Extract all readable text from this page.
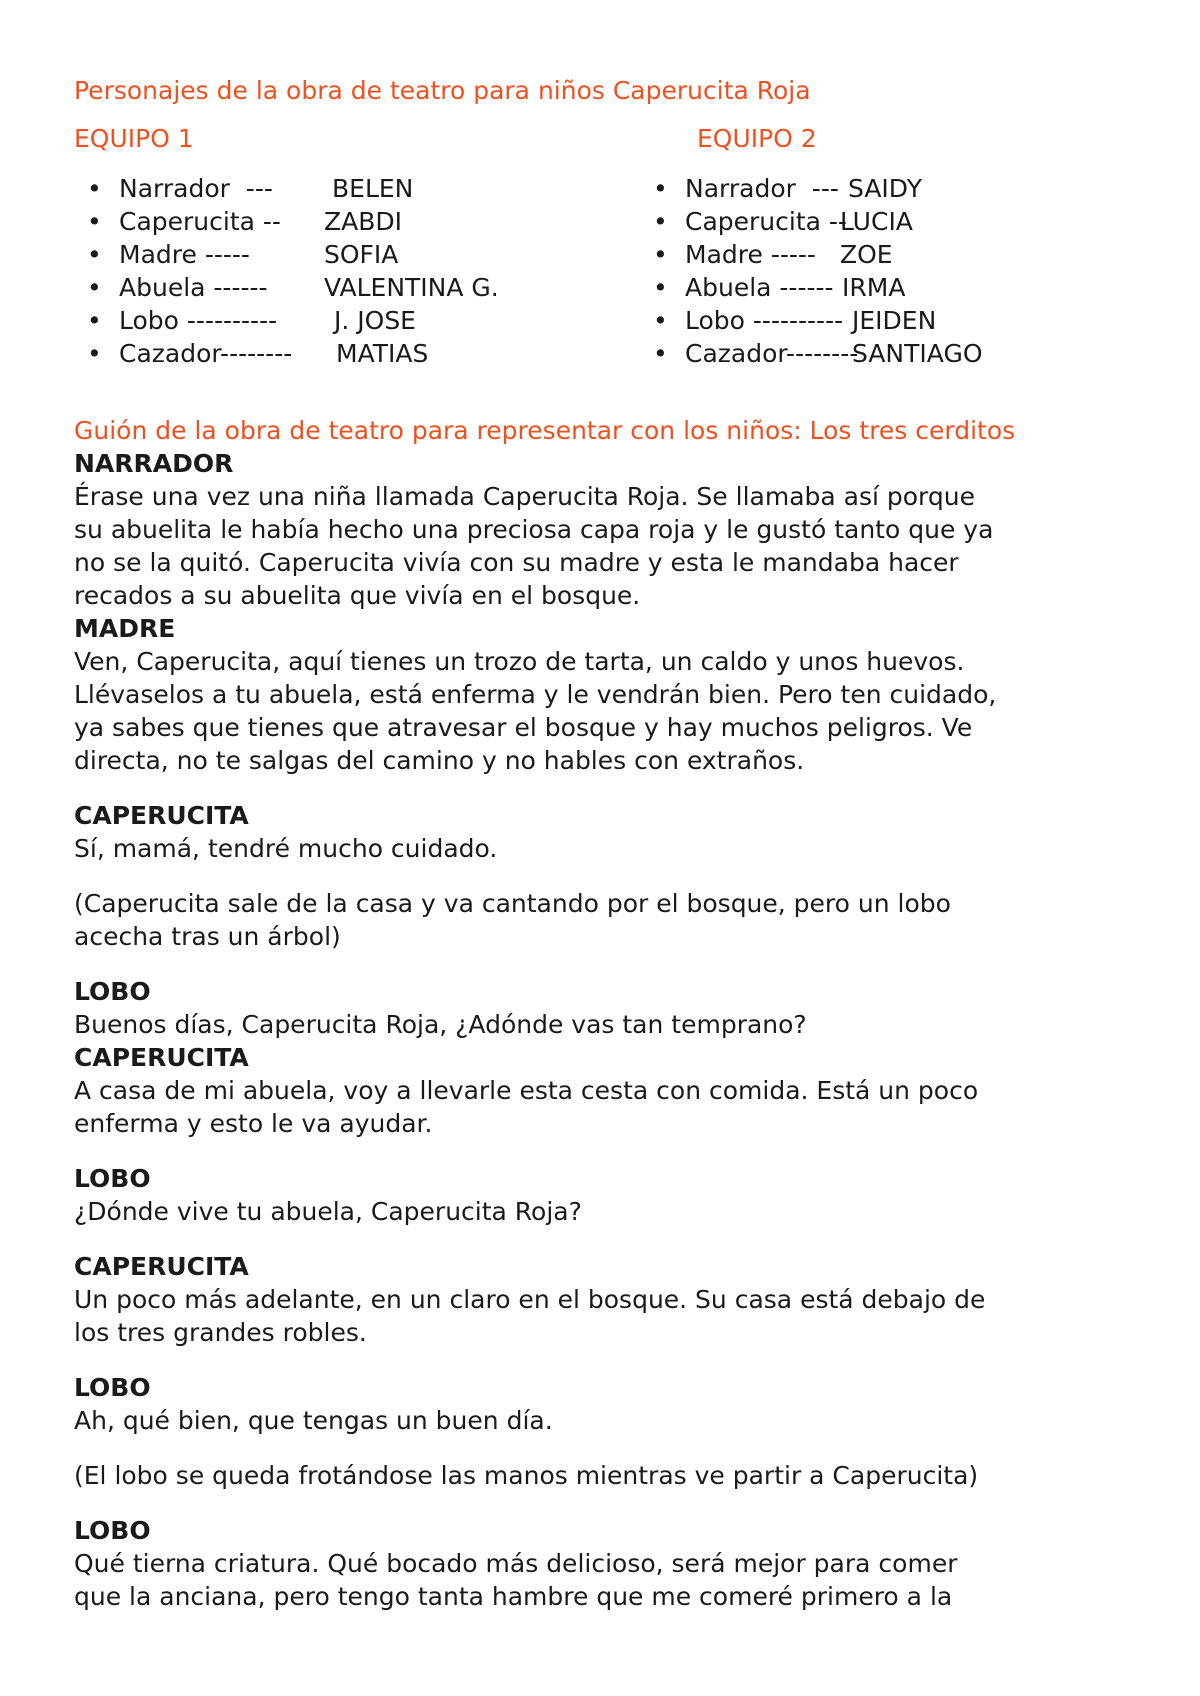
Personajes de la obra de teatro para niños Caperucita Roja
EQUIPO 1
• Narrador  --- BELEN
• Caperucita -- ZABDI
• Madre -----	SOFIA
• Abuela ------ VALENTINA G.
• Lobo ---------- J. JOSE
• Cazador-------- MATIAS
EQUIPO 2
• Narrador  --- SAIDY
• Caperucita --
LUCIA
• Madre ----- ZOE
• Abuela ------ IRMA
• Lobo ---------- JEIDEN
• Cazador--------
SANTIAGO

Guión de la obra de teatro para representar con los niños: Los tres cerditos

NARRADOR

Érase una vez una niña llamada Caperucita Roja. Se llamaba así porque

su abuelita le había hecho una preciosa capa roja y le gustó tanto que ya

no se la quitó. Caperucita vivía con su madre y esta le mandaba hacer

recados a su abuelita que vivía en el bosque.

MADRE

Ven, Caperucita, aquí tienes un trozo de tarta, un caldo y unos huevos.

Llévaselos a tu abuela, está enferma y le vendrán bien. Pero ten cuidado,

ya sabes que tienes que atravesar el bosque y hay muchos peligros. Ve

directa, no te salgas del camino y no hables con extraños.

CAPERUCITA

Sí, mamá, tendré mucho cuidado.

(Caperucita sale de la casa y va cantando por el bosque, pero un lobo

acecha tras un árbol)

LOBO

Buenos días, Caperucita Roja, ¿Adónde vas tan temprano?

CAPERUCITA

A casa de mi abuela, voy a llevarle esta cesta con comida. Está un poco

enferma y esto le va ayudar.

LOBO

¿Dónde vive tu abuela, Caperucita Roja?

CAPERUCITA

Un poco más adelante, en un claro en el bosque. Su casa está debajo de

los tres grandes robles.

LOBO

Ah, qué bien, que tengas un buen día.

(El lobo se queda frotándose las manos mientras ve partir a Caperucita)

LOBO

Qué tierna criatura. Qué bocado más delicioso, será mejor para comer

que la anciana, pero tengo tanta hambre que me comeré primero a la
